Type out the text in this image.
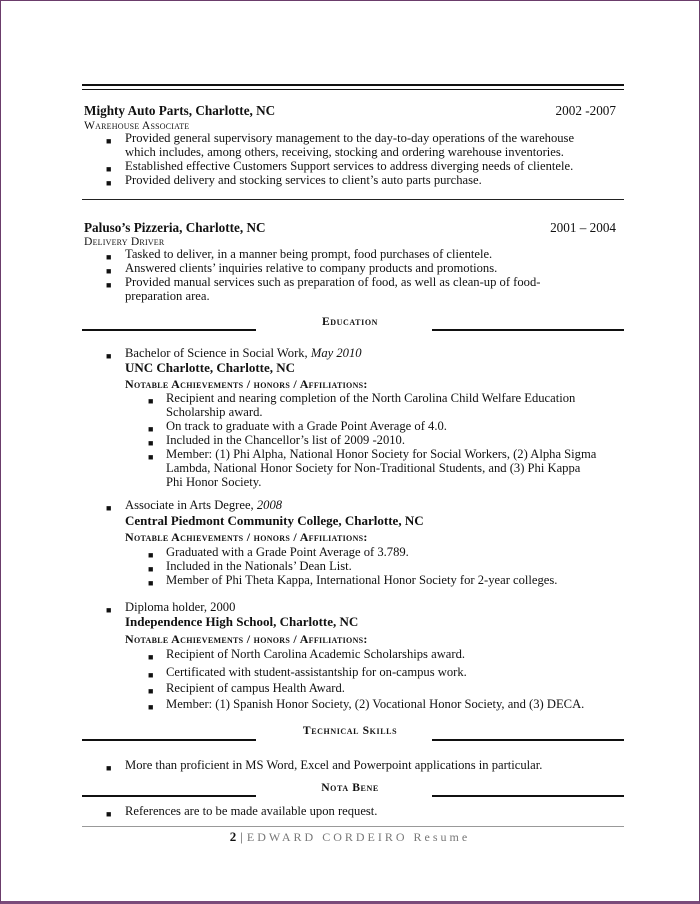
Mighty Auto Parts, Charlotte, NC	2002 -2007
Warehouse Associate
■ Provided general supervisory management to the day-to-day operations of the warehouse
which includes, among others, receiving, stocking and ordering warehouse inventories.
■ Established effective Customers Support services to address diverging needs of clientele.
■ Provided delivery and stocking services to client’s auto parts purchase.
Paluso’s Pizzeria, Charlotte, NC	2001 – 2004
Delivery Driver
■ Tasked to deliver, in a manner being prompt, food purchases of clientele.
■ Answered clients’ inquiries relative to company products and promotions.
■ Provided manual services such as preparation of food, as well as clean-up of food-
preparation area.
Education
■ Bachelor of Science in Social Work, May 2010
UNC Charlotte, Charlotte, NC
Notable Achievements / honors / Affiliations:
■ Recipient and nearing completion of the North Carolina Child Welfare Education
Scholarship award.
■ On track to graduate with a Grade Point Average of 4.0.
■ Included in the Chancellor’s list of 2009 -2010.
■ Member: (1) Phi Alpha, National Honor Society for Social Workers, (2) Alpha Sigma
Lambda, National Honor Society for Non-Traditional Students, and (3) Phi Kappa
Phi Honor Society.
■ Associate in Arts Degree, 2008
Central Piedmont Community College, Charlotte, NC
Notable Achievements / honors / Affiliations:
■ Graduated with a Grade Point Average of 3.789.
■ Included in the Nationals’ Dean List.
■ Member of Phi Theta Kappa, International Honor Society for 2-year colleges.
■ Diploma holder, 2000
Independence High School, Charlotte, NC
Notable Achievements / honors / Affiliations:
■ Recipient of North Carolina Academic Scholarships award.
■ Certificated with student-assistantship for on-campus work.
■ Recipient of campus Health Award.
■ Member: (1) Spanish Honor Society, (2) Vocational Honor Society, and (3) DECA.
Technical Skills
■ More than proficient in MS Word, Excel and Powerpoint applications in particular.
Nota Bene
■ References are to be made available upon request.
2 | EDWARD CORDEIRO Resume
